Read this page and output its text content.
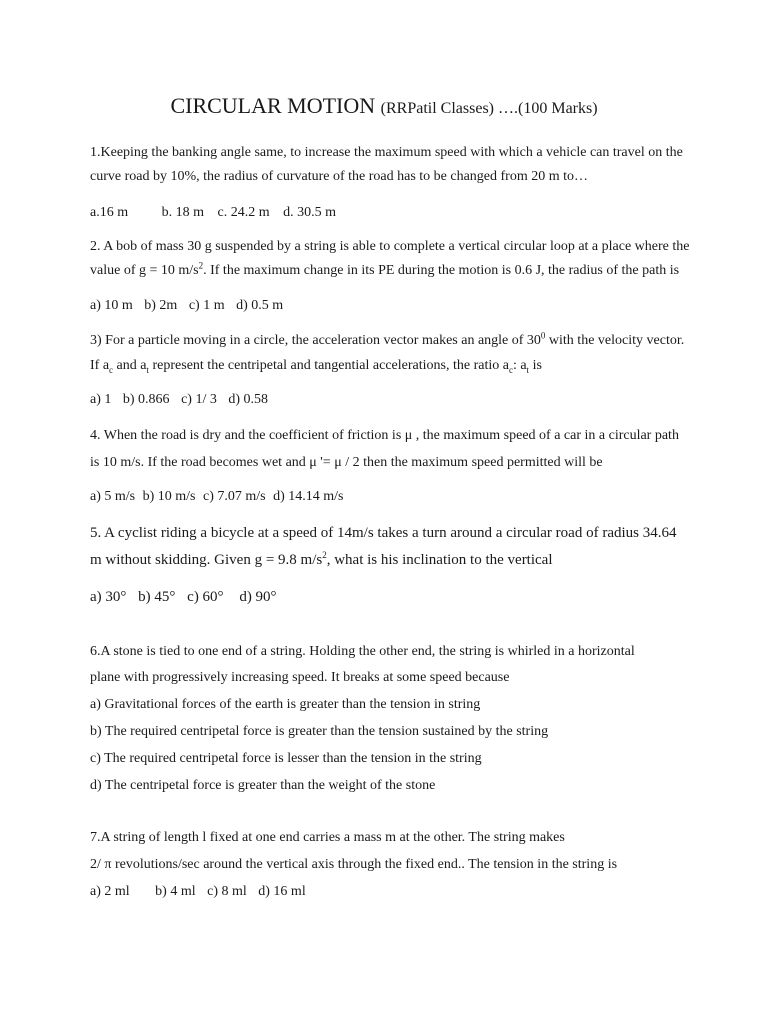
CIRCULAR MOTION (RRPatil Classes) ….(100 Marks)
1.Keeping the banking angle same, to increase the maximum speed with which a vehicle can travel on the
curve road by 10%, the radius of curvature of the road has to be changed from 20 m to…
a.16 m b. 18 m c. 24.2 m d. 30.5 m
2. A bob of mass 30 g suspended by a string is able to complete a vertical circular loop at a place where the
value of g = 10 $m/s^2$. If the maximum change in its PE during the motion is 0.6 J, the radius of the path is
a) 10 m b) 2m c) 1 m d) 0.5 m
3) For a particle moving in a circle, the acceleration vector makes an angle of $30^0$ with the velocity vector.
If $a_c$ and $a_t$ represent the centripetal and tangential accelerations, the ratio $a_c$: $a_t$ is
a) 1 b) 0.866 c) 1/ 3 d) 0.58
4. When the road is dry and the coefficient of friction is μ , the maximum speed of a car in a circular path
is 10 m/s. If the road becomes wet and μ '= μ / 2 then the maximum speed permitted will be
a) 5 m/s b) 10 m/s c) 7.07 m/s d) 14.14 m/s
5. A cyclist riding a bicycle at a speed of 14m/s takes a turn around a circular road of radius 34.64
m without skidding. Given g = 9.8 $m/s^2$, what is his inclination to the vertical
a) 30° b) 45° c) 60° d) 90°
6.A stone is tied to one end of a string. Holding the other end, the string is whirled in a horizontal
plane with progressively increasing speed. It breaks at some speed because
a) Gravitational forces of the earth is greater than the tension in string
b) The required centripetal force is greater than the tension sustained by the string
c) The required centripetal force is lesser than the tension in the string
d) The centripetal force is greater than the weight of the stone
7.A string of length l fixed at one end carries a mass m at the other. The string makes
2/ π revolutions/sec around the vertical axis through the fixed end.. The tension in the string is
a) 2 ml b) 4 ml c) 8 ml d) 16 ml
